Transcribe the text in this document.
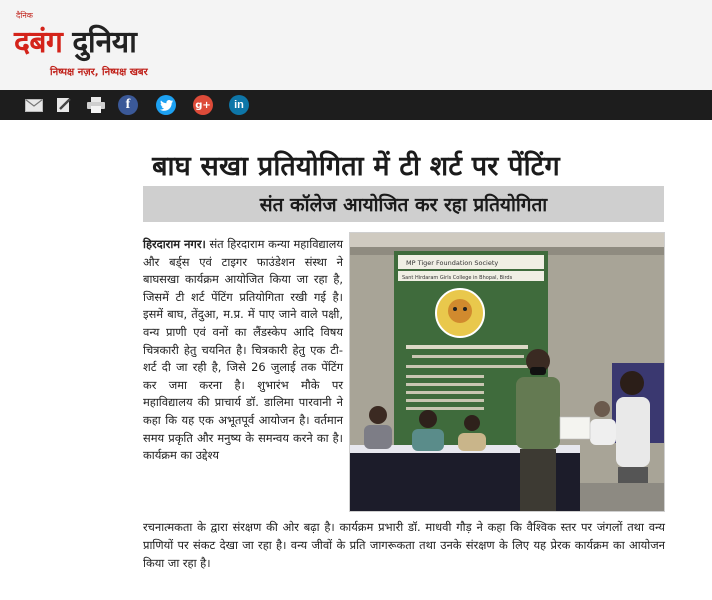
दैनिक
दबंग दुनिया
निष्पक्ष नज़र, निष्पक्ष खबर
f	g+	in
बाघ सखा प्रतियोगिता में टी शर्ट पर पेंटिंग
संत कॉलेज आयोजित कर रहा प्रतियोगिता

हिरदाराम नगर। संत हिरदाराम कन्या महाविद्यालय और बर्ड्स एवं टाइगर फाउंडेशन संस्था ने बाघसखा कार्यक्रम आयोजित किया जा रहा है, जिसमें टी शर्ट पेंटिंग प्रतियोगिता रखी गई है। इसमें बाघ, तेंदुआ, म.प्र. में पाए जाने वाले पक्षी, वन्य प्राणी एवं वनों का लैंडस्केप आदि विषय चित्रकारी हेतु चयनित है। चित्रकारी हेतु एक टी-शर्ट दी जा रही है, जिसे 26 जुलाई तक पेंटिंग कर जमा करना है। शुभारंभ मौके पर महाविद्यालय की प्राचार्य डॉ. डालिमा पारवानी ने कहा कि यह एक अभूतपूर्व आयोजन है। वर्तमान समय प्रकृति और मनुष्य के समन्वय करने का है। कार्यक्रम का उद्देश्य

MP Tiger Foundation Society
Sant Hirdaram Girls College in Bhopal, Birds

रचनात्मकता के द्वारा संरक्षण की ओर बढ़ा है। कार्यक्रम प्रभारी डॉ. माधवी गौड़ ने कहा कि वैश्विक स्तर पर जंगलों तथा वन्य प्राणियों पर संकट देखा जा रहा है। वन्य जीवों के प्रति जागरूकता तथा उनके संरक्षण के लिए यह प्रेरक कार्यक्रम का आयोजन किया जा रहा है।
